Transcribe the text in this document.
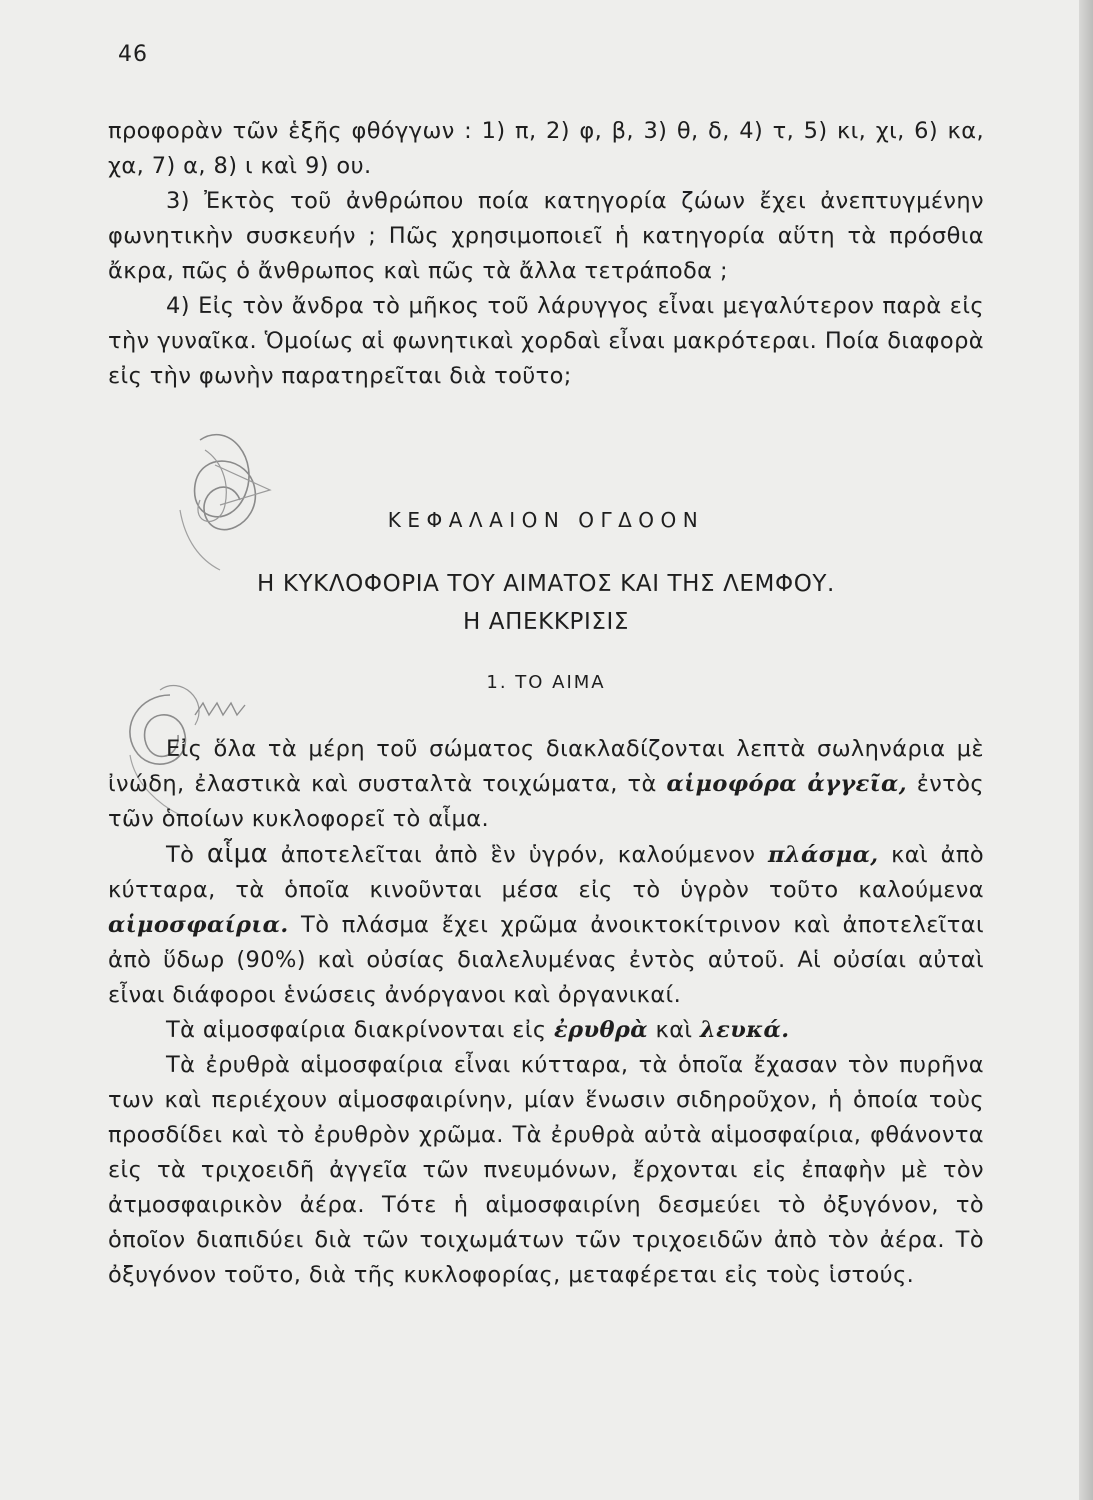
46

προφορὰν τῶν ἑξῆς φθόγγων : 1) π, 2) φ, β, 3) θ, δ, 4) τ, 5) κι, χι, 6) κα, χα, 7) α, 8) ι καὶ 9) ου.

3) Ἐκτὸς τοῦ ἀνθρώπου ποία κατηγορία ζώων ἔχει ἀνεπτυγμένην φωνητικὴν συσκευήν ; Πῶς χρησιμοποιεῖ ἡ κατηγορία αὕτη τὰ πρόσθια ἄκρα, πῶς ὁ ἄνθρωπος καὶ πῶς τὰ ἄλλα τετράποδα ;

4) Εἰς τὸν ἄνδρα τὸ μῆκος τοῦ λάρυγγος εἶναι μεγαλύτερον παρὰ εἰς τὴν γυναῖκα. Ὁμοίως αἱ φωνητικαὶ χορδαὶ εἶναι μακρότεραι. Ποία διαφορὰ εἰς τὴν φωνὴν παρατηρεῖται διὰ τοῦτο;

ΚΕΦΑΛΑΙΟΝ ΟΓΔΟΟΝ
Η ΚΥΚΛΟΦΟΡΙΑ ΤΟΥ ΑΙΜΑΤΟΣ ΚΑΙ ΤΗΣ ΛΕΜΦΟΥ.
Η ΑΠΕΚΚΡΙΣΙΣ
1. ΤΟ ΑΙΜΑ

Εἰς ὅλα τὰ μέρη τοῦ σώματος διακλαδίζονται λεπτὰ σωληνάρια μὲ ἰνώδη, ἐλαστικὰ καὶ συσταλτὰ τοιχώματα, τὰ αἱμοφόρα ἀγγεῖα, ἐντὸς τῶν ὁποίων κυκλοφορεῖ τὸ αἷμα.

Τὸ αἷμα ἀποτελεῖται ἀπὸ ἓν ὑγρόν, καλούμενον πλάσμα, καὶ ἀπὸ κύτταρα, τὰ ὁποῖα κινοῦνται μέσα εἰς τὸ ὑγρὸν τοῦτο καλούμενα αἱμοσφαίρια. Τὸ πλάσμα ἔχει χρῶμα ἀνοικτοκίτρινον καὶ ἀποτελεῖται ἀπὸ ὕδωρ (90%) καὶ οὐσίας διαλελυμένας ἐντὸς αὐτοῦ. Αἱ οὐσίαι αὐταὶ εἶναι διάφοροι ἑνώσεις ἀνόργανοι καὶ ὀργανικαί.

Τὰ αἱμοσφαίρια διακρίνονται εἰς ἐρυθρὰ καὶ λευκά.

Τὰ ἐρυθρὰ αἱμοσφαίρια εἶναι κύτταρα, τὰ ὁποῖα ἔχασαν τὸν πυρῆνα των καὶ περιέχουν αἱμοσφαιρίνην, μίαν ἕνωσιν σιδηροῦχον, ἡ ὁποία τοὺς προσδίδει καὶ τὸ ἐρυθρὸν χρῶμα. Τὰ ἐρυθρὰ αὐτὰ αἱμοσφαίρια, φθάνοντα εἰς τὰ τριχοειδῆ ἀγγεῖα τῶν πνευμόνων, ἔρχονται εἰς ἐπαφὴν μὲ τὸν ἀτμοσφαιρικὸν ἀέρα. Τότε ἡ αἱμοσφαιρίνη δεσμεύει τὸ ὀξυγόνον, τὸ ὁποῖον διαπιδύει διὰ τῶν τοιχωμάτων τῶν τριχοειδῶν ἀπὸ τὸν ἀέρα. Τὸ ὀξυγόνον τοῦτο, διὰ τῆς κυκλοφορίας, μεταφέρεται εἰς τοὺς ἱστούς.
